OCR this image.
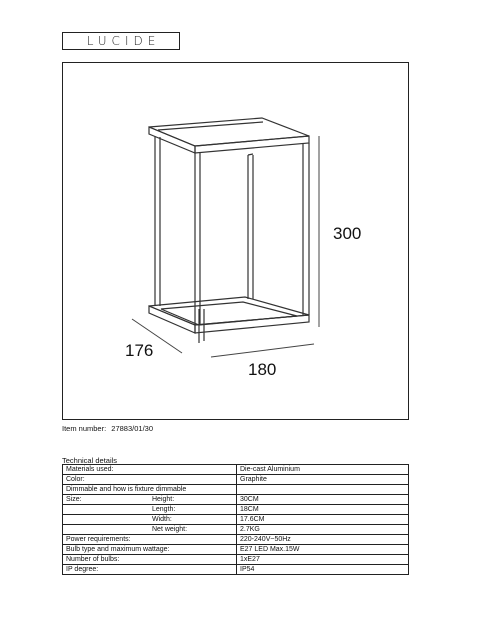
LUCIDE
300
176
180
Item number: 27883/01/30
Technical details
Materials used:	Die-cast Aluminium
Color:	Graphite
Dimmable and how is fixture dimmable	

Size: Height:	30CM

Length:	18CM

Width:	17.6CM

Net weight:	2.7KG
Power requirements:	220-240V~50Hz
Bulb type and maximum wattage:	E27 LED Max.15W
Number of bulbs:	1xE27
IP degree:	IP54
